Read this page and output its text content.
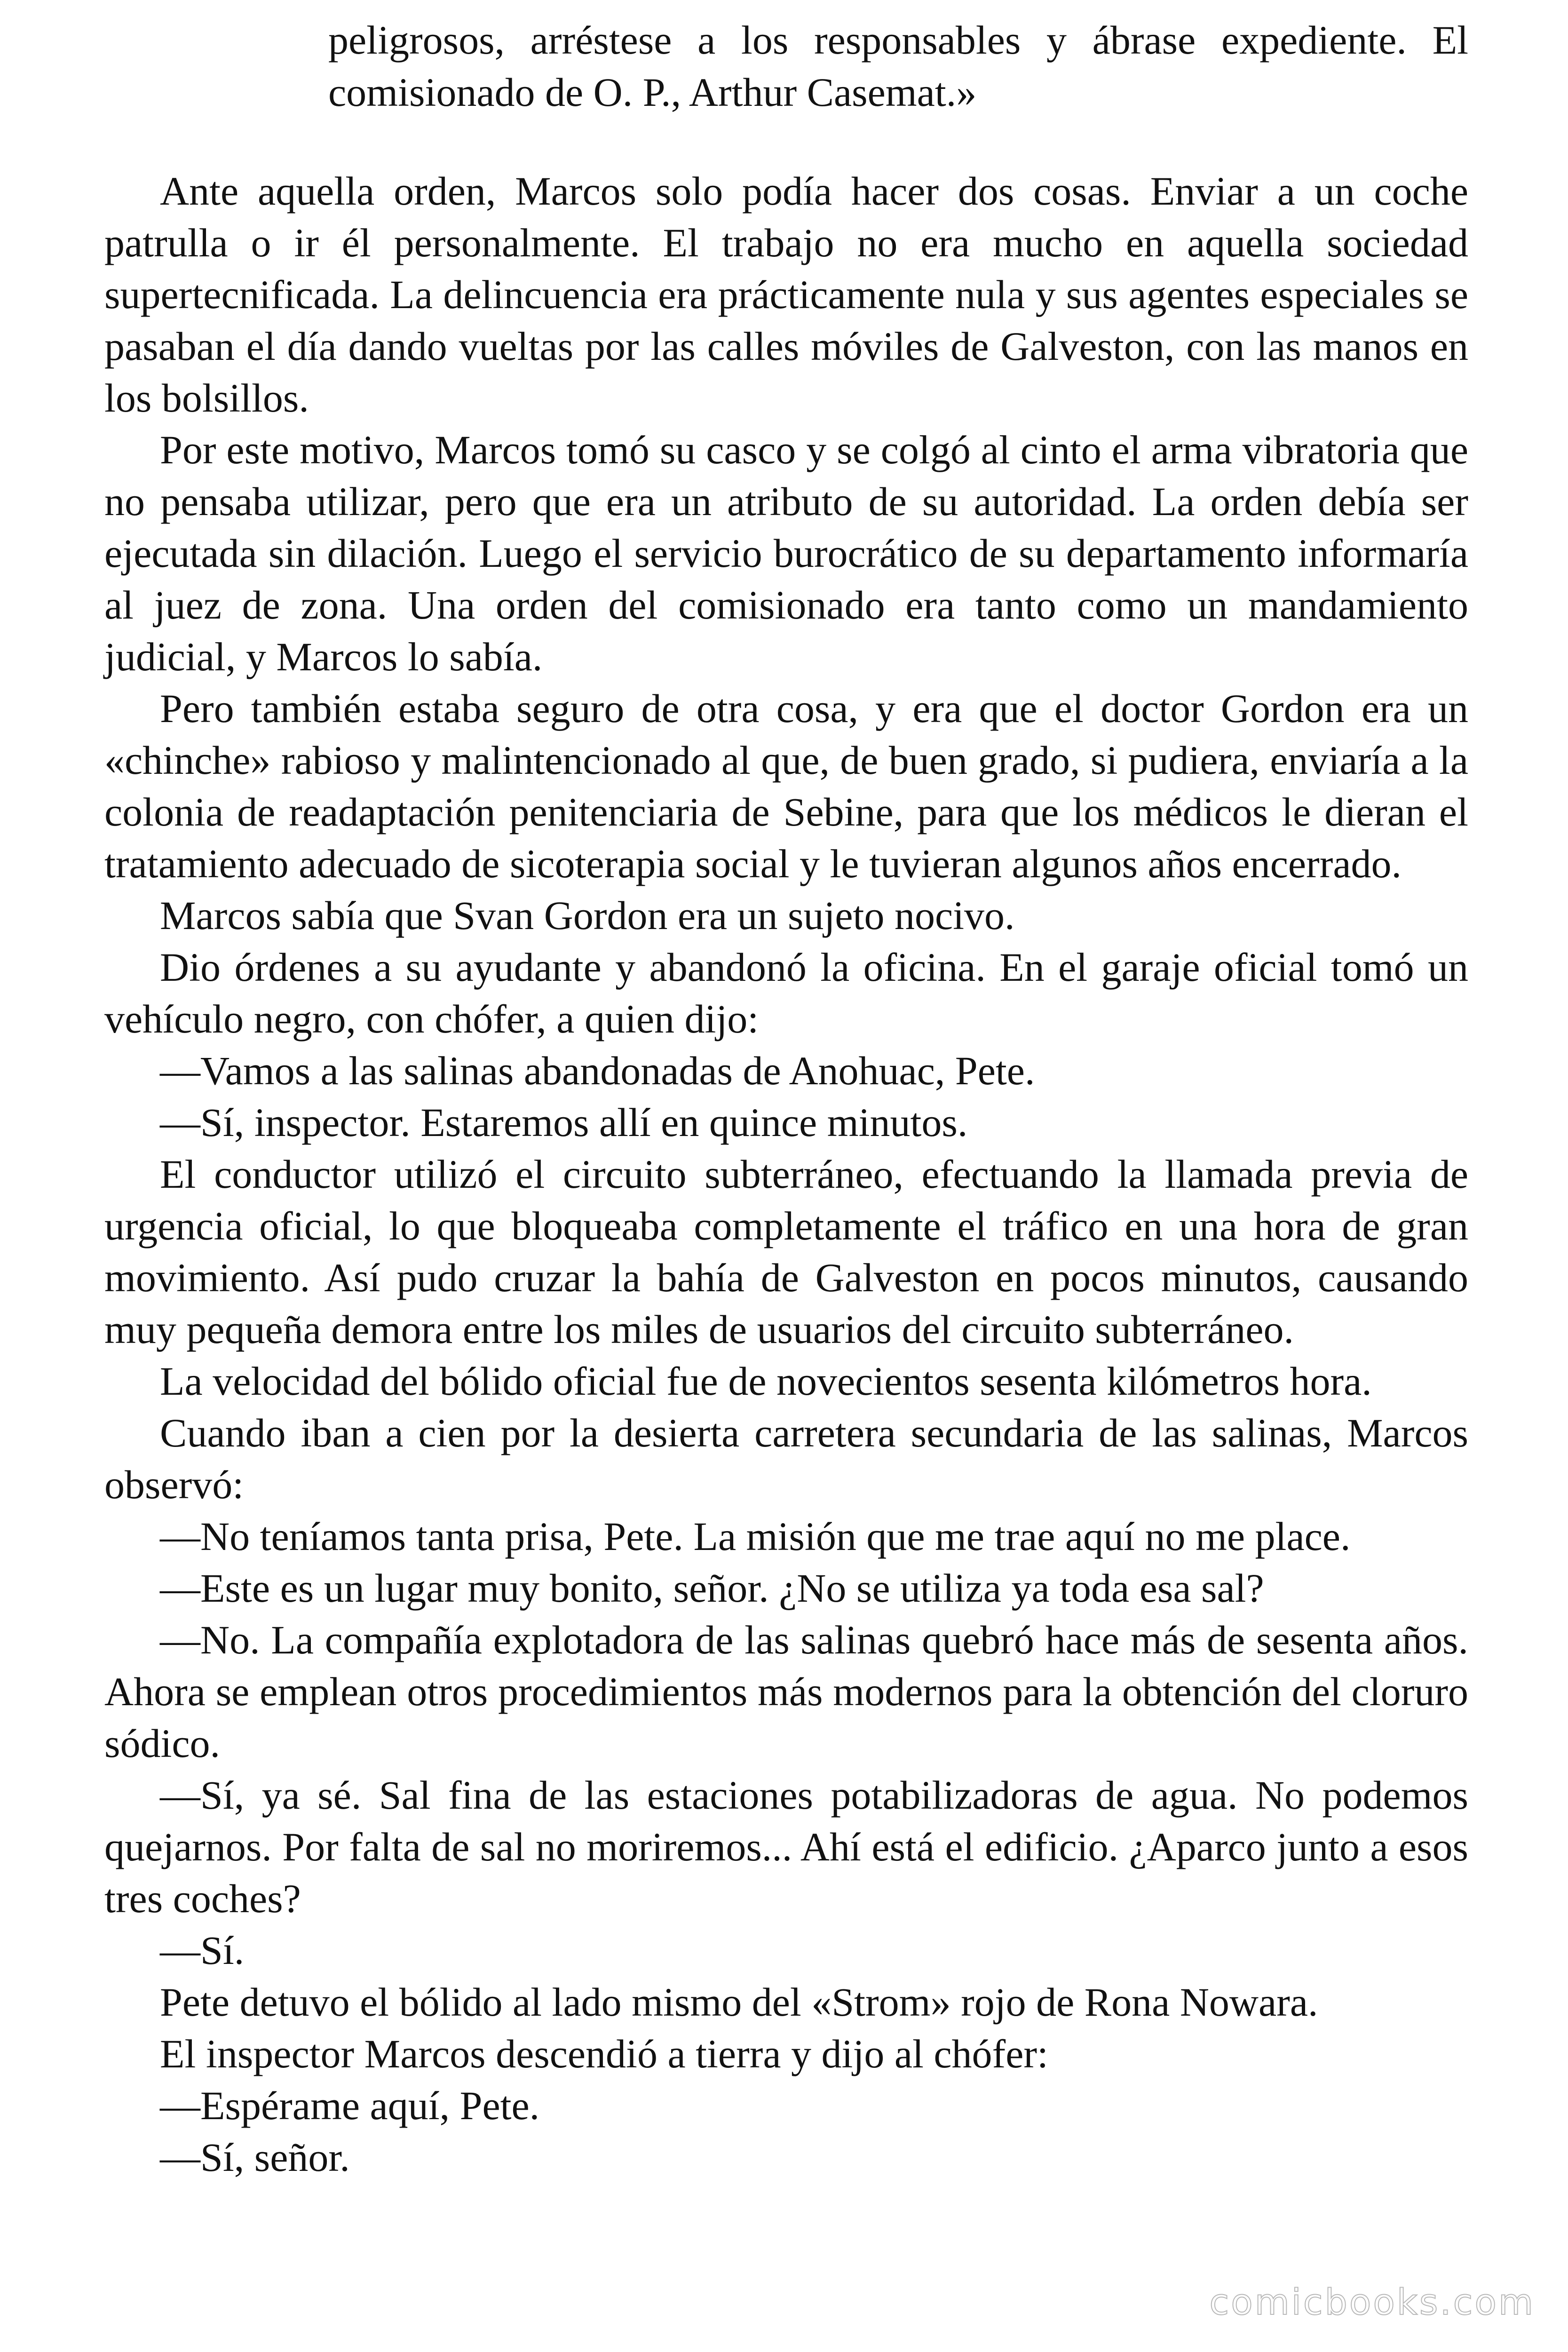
peligrosos, arréstese a los responsables y ábrase expediente. El comisionado de O. P., Arthur Casemat.»

Ante aquella orden, Marcos solo podía hacer dos cosas. Enviar a un coche patrulla o ir él personalmente. El trabajo no era mucho en aquella sociedad supertecnificada. La delincuencia era prácticamente nula y sus agentes especiales se pasaban el día dando vueltas por las calles móviles de Galveston, con las manos en los bolsillos.

Por este motivo, Marcos tomó su casco y se colgó al cinto el arma vibratoria que no pensaba utilizar, pero que era un atributo de su autoridad. La orden debía ser ejecutada sin dilación. Luego el servicio burocrático de su departamento informaría al juez de zona. Una orden del comisionado era tanto como un mandamiento judicial, y Marcos lo sabía.

Pero también estaba seguro de otra cosa, y era que el doctor Gordon era un «chinche» rabioso y malintencionado al que, de buen grado, si pudiera, enviaría a la colonia de readaptación penitenciaria de Sebine, para que los médicos le dieran el tratamiento adecuado de sicoterapia social y le tuvieran algunos años encerrado.

Marcos sabía que Svan Gordon era un sujeto nocivo.

Dio órdenes a su ayudante y abandonó la oficina. En el garaje oficial tomó un vehículo negro, con chófer, a quien dijo:

—Vamos a las salinas abandonadas de Anohuac, Pete.

—Sí, inspector. Estaremos allí en quince minutos.

El conductor utilizó el circuito subterráneo, efectuando la llamada previa de urgencia oficial, lo que bloqueaba completamente el tráfico en una hora de gran movimiento. Así pudo cruzar la bahía de Galveston en pocos minutos, causando muy pequeña demora entre los miles de usuarios del circuito subterráneo.

La velocidad del bólido oficial fue de novecientos sesenta kilómetros hora.

Cuando iban a cien por la desierta carretera secundaria de las salinas, Marcos observó:

—No teníamos tanta prisa, Pete. La misión que me trae aquí no me place.

—Este es un lugar muy bonito, señor. ¿No se utiliza ya toda esa sal?

—No. La compañía explotadora de las salinas quebró hace más de sesenta años. Ahora se emplean otros procedimientos más modernos para la obtención del cloruro sódico.

—Sí, ya sé. Sal fina de las estaciones potabilizadoras de agua. No podemos quejarnos. Por falta de sal no moriremos... Ahí está el edificio. ¿Aparco junto a esos tres coches?

—Sí.

Pete detuvo el bólido al lado mismo del «Strom» rojo de Rona Nowara.

El inspector Marcos descendió a tierra y dijo al chófer:

—Espérame aquí, Pete.

—Sí, señor.

comicbooks.com
